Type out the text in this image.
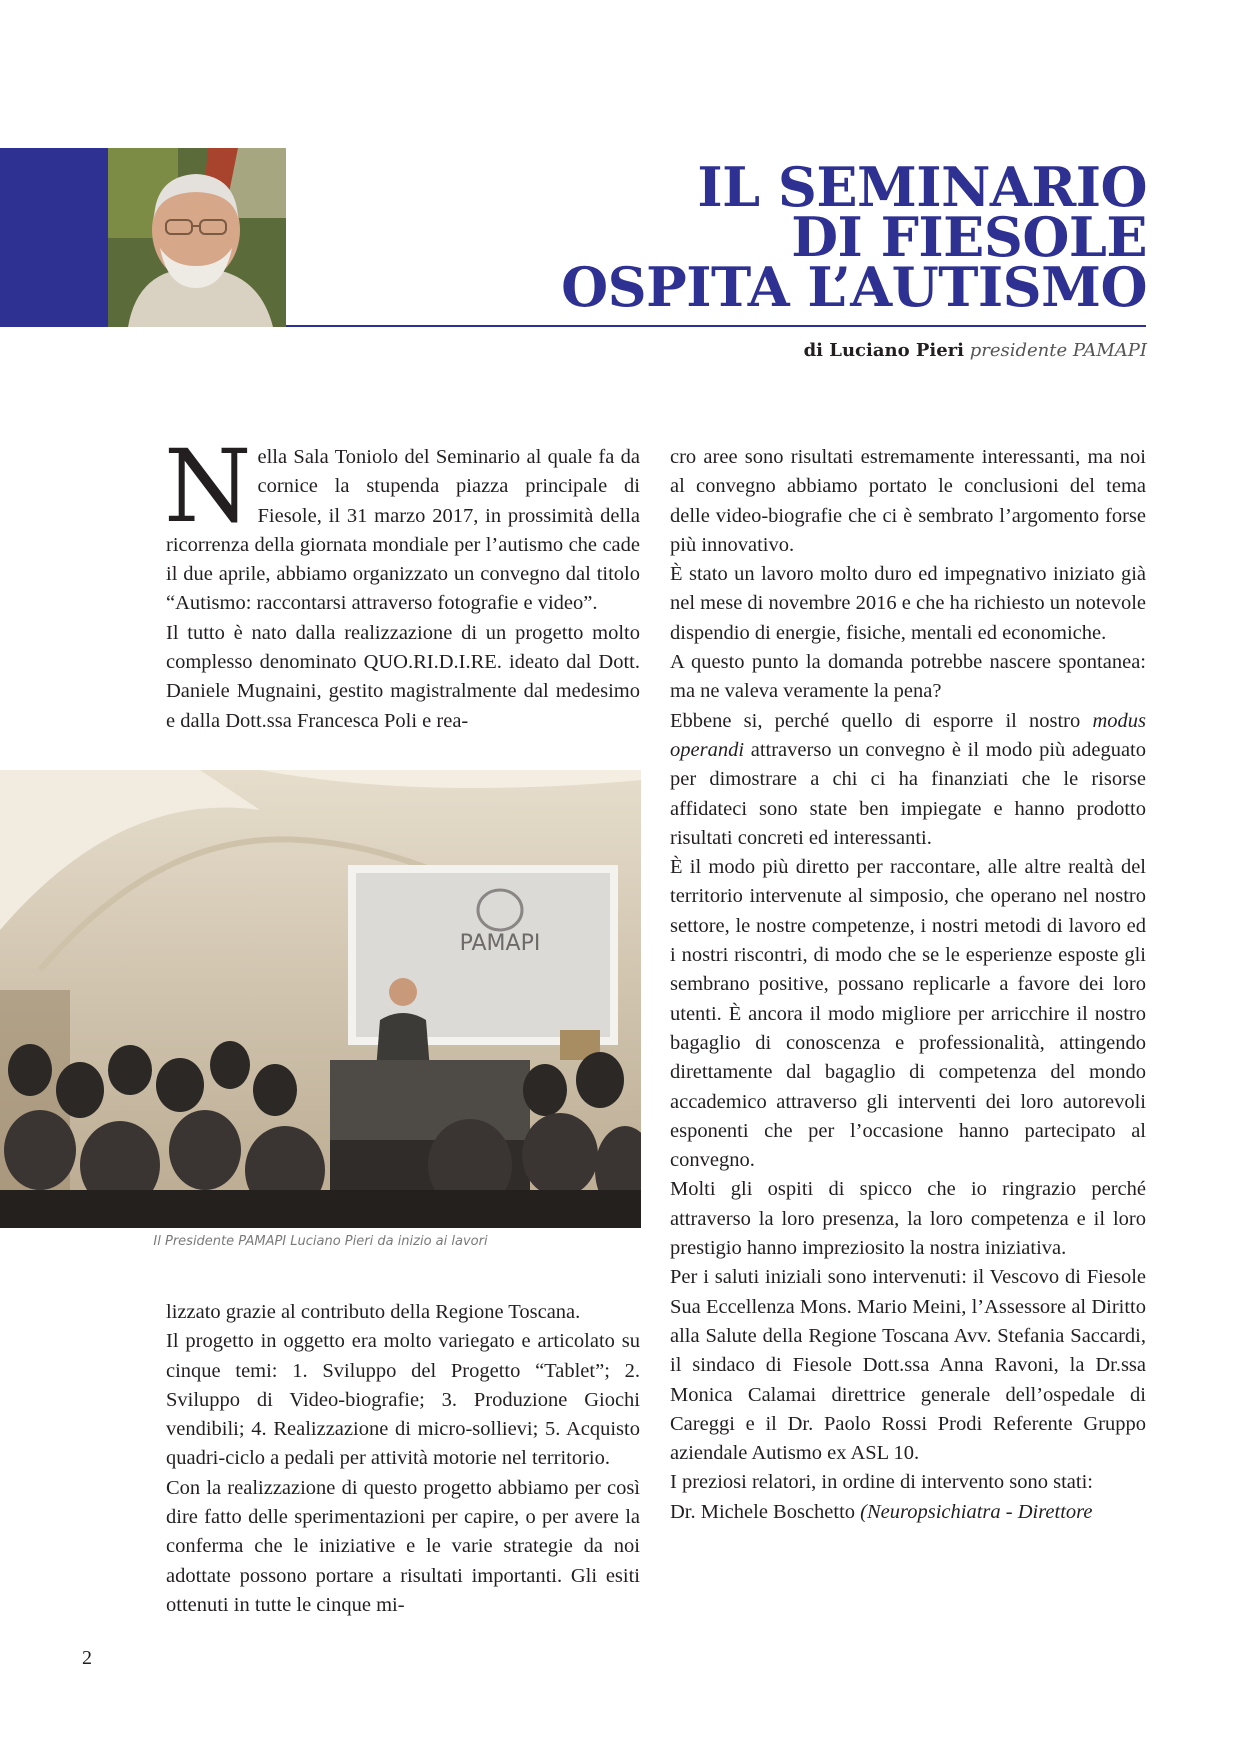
IL SEMINARIO
DI FIESOLE
OSPITA L’AUTISMO
di Luciano Pieri presidente PAMAPI

Nella Sala Toniolo del Seminario al quale fa da cornice la stupenda piazza principale di Fiesole, il 31 marzo 2017, in prossimità della ricorrenza della giornata mondiale per l’autismo che cade il due aprile, abbiamo organizzato un convegno dal titolo “Autismo: raccontarsi attraverso fotografie e video”.

Il tutto è nato dalla realizzazione di un progetto molto complesso denominato QUO.RI.D.I.RE. ideato dal Dott. Daniele Mugnaini, gestito magistralmente dal medesimo e dalla Dott.ssa Francesca Poli e rea-

PAMAPI
Il Presidente PAMAPI Luciano Pieri da inizio ai lavori

lizzato grazie al contributo della Regione Toscana.

Il progetto in oggetto era molto variegato e articolato su cinque temi: 1. Sviluppo del Progetto “Tablet”; 2. Sviluppo di Video-biografie; 3. Produzione Giochi vendibili; 4. Realizzazione di micro-sollievi; 5. Acquisto quadri-ciclo a pedali per attività motorie nel territorio.

Con la realizzazione di questo progetto abbiamo per così dire fatto delle sperimentazioni per capire, o per avere la conferma che le iniziative e le varie strategie da noi adottate possono portare a risultati importanti. Gli esiti ottenuti in tutte le cinque mi-

cro aree sono risultati estremamente interessanti, ma noi al convegno abbiamo portato le conclusioni del tema delle video-biografie che ci è sembrato l’argomento forse più innovativo.

È stato un lavoro molto duro ed impegnativo iniziato già nel mese di novembre 2016 e che ha richiesto un notevole dispendio di energie, fisiche, mentali ed economiche.

A questo punto la domanda potrebbe nascere spontanea: ma ne valeva veramente la pena?

Ebbene si, perché quello di esporre il nostro modus operandi attraverso un convegno è il modo più adeguato per dimostrare a chi ci ha finanziati che le risorse affidateci sono state ben impiegate e hanno prodotto risultati concreti ed interessanti.

È il modo più diretto per raccontare, alle altre realtà del territorio intervenute al simposio, che operano nel nostro settore, le nostre competenze, i nostri metodi di lavoro ed i nostri riscontri, di modo che se le esperienze esposte gli sembrano positive, possano replicarle a favore dei loro utenti. È ancora il modo migliore per arricchire il nostro bagaglio di conoscenza e professionalità, attingendo direttamente dal bagaglio di competenza del mondo accademico attraverso gli interventi dei loro autorevoli esponenti che per l’occasione hanno partecipato al convegno.

Molti gli ospiti di spicco che io ringrazio perché attraverso la loro presenza, la loro competenza e il loro prestigio hanno impreziosito la nostra iniziativa.

Per i saluti iniziali sono intervenuti: il Vescovo di Fiesole Sua Eccellenza Mons. Mario Meini, l’Assessore al Diritto alla Salute della Regione Toscana Avv. Stefania Saccardi, il sindaco di Fiesole Dott.ssa Anna Ravoni, la Dr.ssa Monica Calamai direttrice generale dell’ospedale di Careggi e il Dr. Paolo Rossi Prodi Referente Gruppo aziendale Autismo ex ASL 10.

I preziosi relatori, in ordine di intervento sono stati:

Dr. Michele Boschetto (Neuropsichiatra - Direttore

2
